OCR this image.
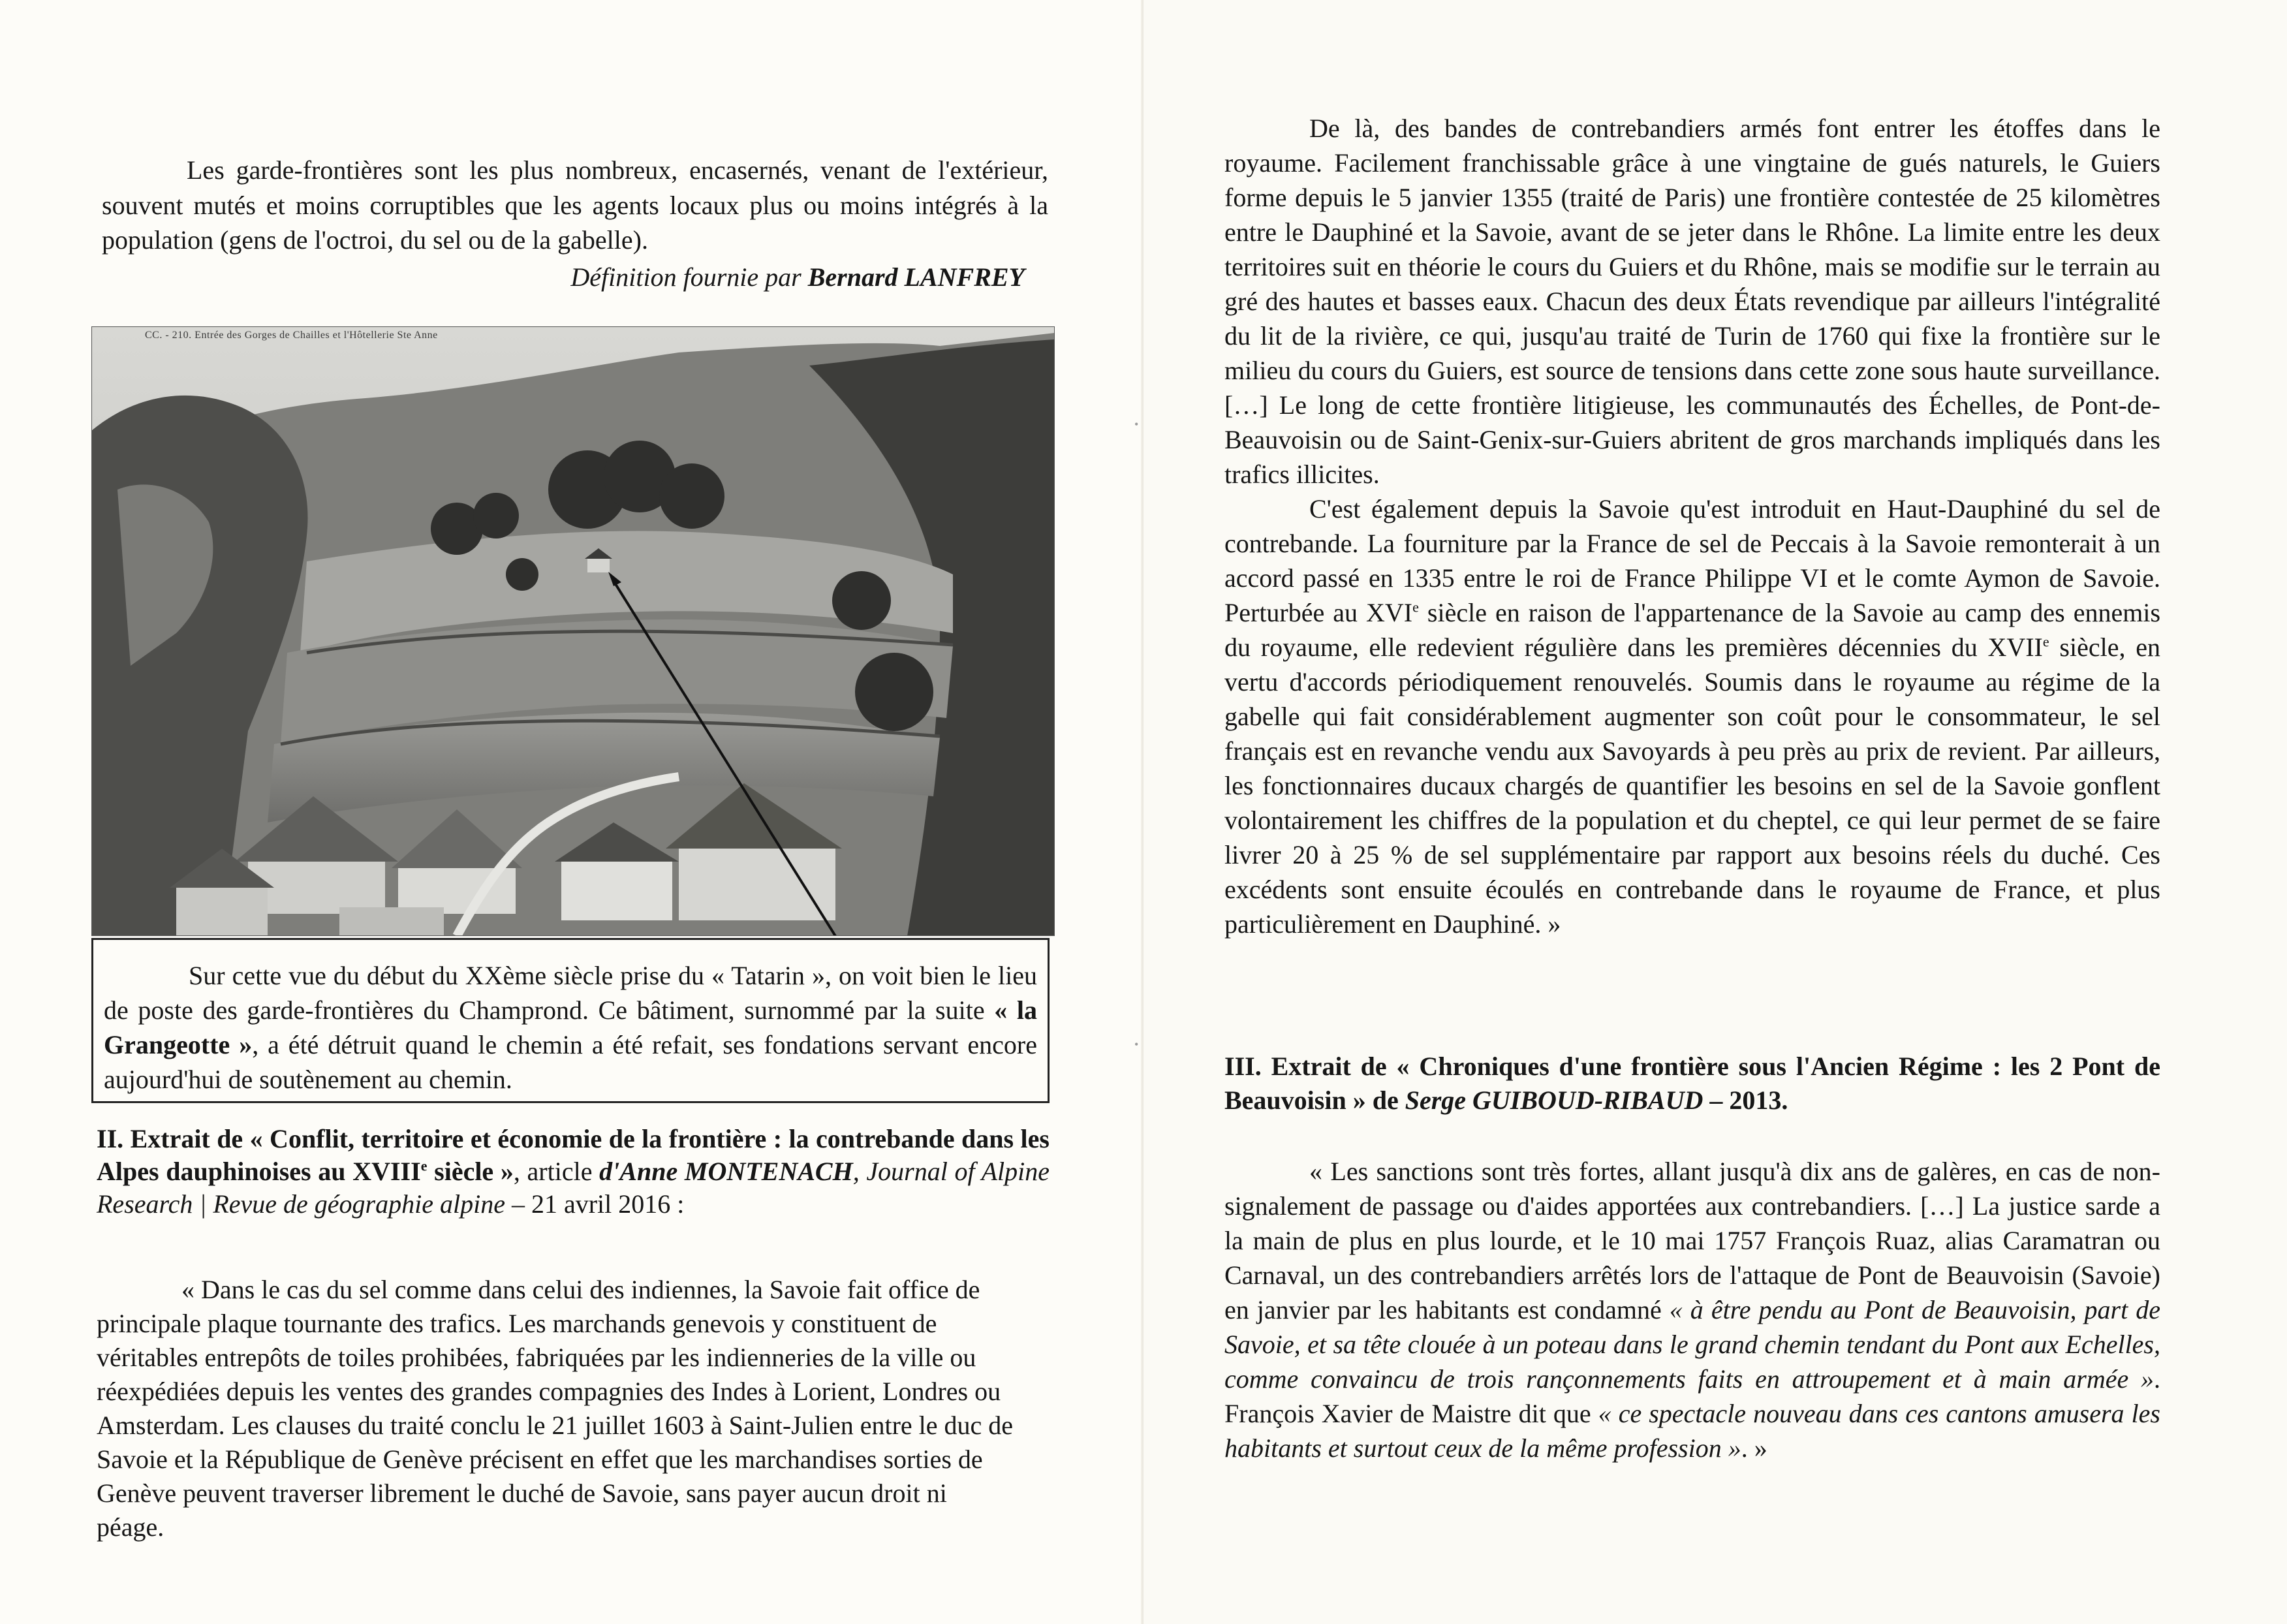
Les garde-frontières sont les plus nombreux, encasernés, venant de l'extérieur, souvent mutés et moins corruptibles que les agents locaux plus ou moins intégrés à la population (gens de l'octroi, du sel ou de la gabelle).

Définition fournie par Bernard LANFREY
CC. - 210. Entrée des Gorges de Chailles et l'Hôtellerie Ste Anne

Sur cette vue du début du XXème siècle prise du « Tatarin », on voit bien le lieu de poste des garde-frontières du Champrond. Ce bâtiment, surnommé par la suite « la Grangeotte », a été détruit quand le chemin a été refait, ses fondations servant encore aujourd'hui de soutènement au chemin.

II. Extrait de « Conflit, territoire et économie de la frontière : la contrebande dans les Alpes dauphinoises au XVIIIe siècle », article d'Anne MONTENACH, Journal of Alpine Research | Revue de géographie alpine – 21 avril 2016 :

« Dans le cas du sel comme dans celui des indiennes, la Savoie fait office de principale plaque tournante des trafics. Les marchands genevois y constituent de véritables entrepôts de toiles prohibées, fabriquées par les indienneries de la ville ou réexpédiées depuis les ventes des grandes compagnies des Indes à Lorient, Londres ou Amsterdam. Les clauses du traité conclu le 21 juillet 1603 à Saint-Julien entre le duc de Savoie et la République de Genève précisent en effet que les marchandises sorties de Genève peuvent traverser librement le duché de Savoie, sans payer aucun droit ni péage.

•
•

De là, des bandes de contrebandiers armés font entrer les étoffes dans le royaume. Facilement franchissable grâce à une vingtaine de gués naturels, le Guiers forme depuis le 5 janvier 1355 (traité de Paris) une frontière contestée de 25 kilomètres entre le Dauphiné et la Savoie, avant de se jeter dans le Rhône. La limite entre les deux territoires suit en théorie le cours du Guiers et du Rhône, mais se modifie sur le terrain au gré des hautes et basses eaux. Chacun des deux États revendique par ailleurs l'intégralité du lit de la rivière, ce qui, jusqu'au traité de Turin de 1760 qui fixe la frontière sur le milieu du cours du Guiers, est source de tensions dans cette zone sous haute surveillance. […] Le long de cette frontière litigieuse, les communautés des Échelles, de Pont-de-Beauvoisin ou de Saint-Genix-sur-Guiers abritent de gros marchands impliqués dans les trafics illicites.

C'est également depuis la Savoie qu'est introduit en Haut-Dauphiné du sel de contrebande. La fourniture par la France de sel de Peccais à la Savoie remonterait à un accord passé en 1335 entre le roi de France Philippe VI et le comte Aymon de Savoie. Perturbée au XVIe siècle en raison de l'appartenance de la Savoie au camp des ennemis du royaume, elle redevient régulière dans les premières décennies du XVIIe siècle, en vertu d'accords périodiquement renouvelés. Soumis dans le royaume au régime de la gabelle qui fait considérablement augmenter son coût pour le consommateur, le sel français est en revanche vendu aux Savoyards à peu près au prix de revient. Par ailleurs, les fonctionnaires ducaux chargés de quantifier les besoins en sel de la Savoie gonflent volontairement les chiffres de la population et du cheptel, ce qui leur permet de se faire livrer 20 à 25 % de sel supplémentaire par rapport aux besoins réels du duché. Ces excédents sont ensuite écoulés en contrebande dans le royaume de France, et plus particulièrement en Dauphiné. »

III. Extrait de « Chroniques d'une frontière sous l'Ancien Régime : les 2 Pont de Beauvoisin » de Serge GUIBOUD-RIBAUD – 2013.

« Les sanctions sont très fortes, allant jusqu'à dix ans de galères, en cas de non-signalement de passage ou d'aides apportées aux contrebandiers. […] La justice sarde a la main de plus en plus lourde, et le 10 mai 1757 François Ruaz, alias Caramatran ou Carnaval, un des contrebandiers arrêtés lors de l'attaque de Pont de Beauvoisin (Savoie) en janvier par les habitants est condamné « à être pendu au Pont de Beauvoisin, part de Savoie, et sa tête clouée à un poteau dans le grand chemin tendant du Pont aux Echelles, comme convaincu de trois rançonnements faits en attroupement et à main armée ». François Xavier de Maistre dit que « ce spectacle nouveau dans ces cantons amusera les habitants et surtout ceux de la même profession ». »
